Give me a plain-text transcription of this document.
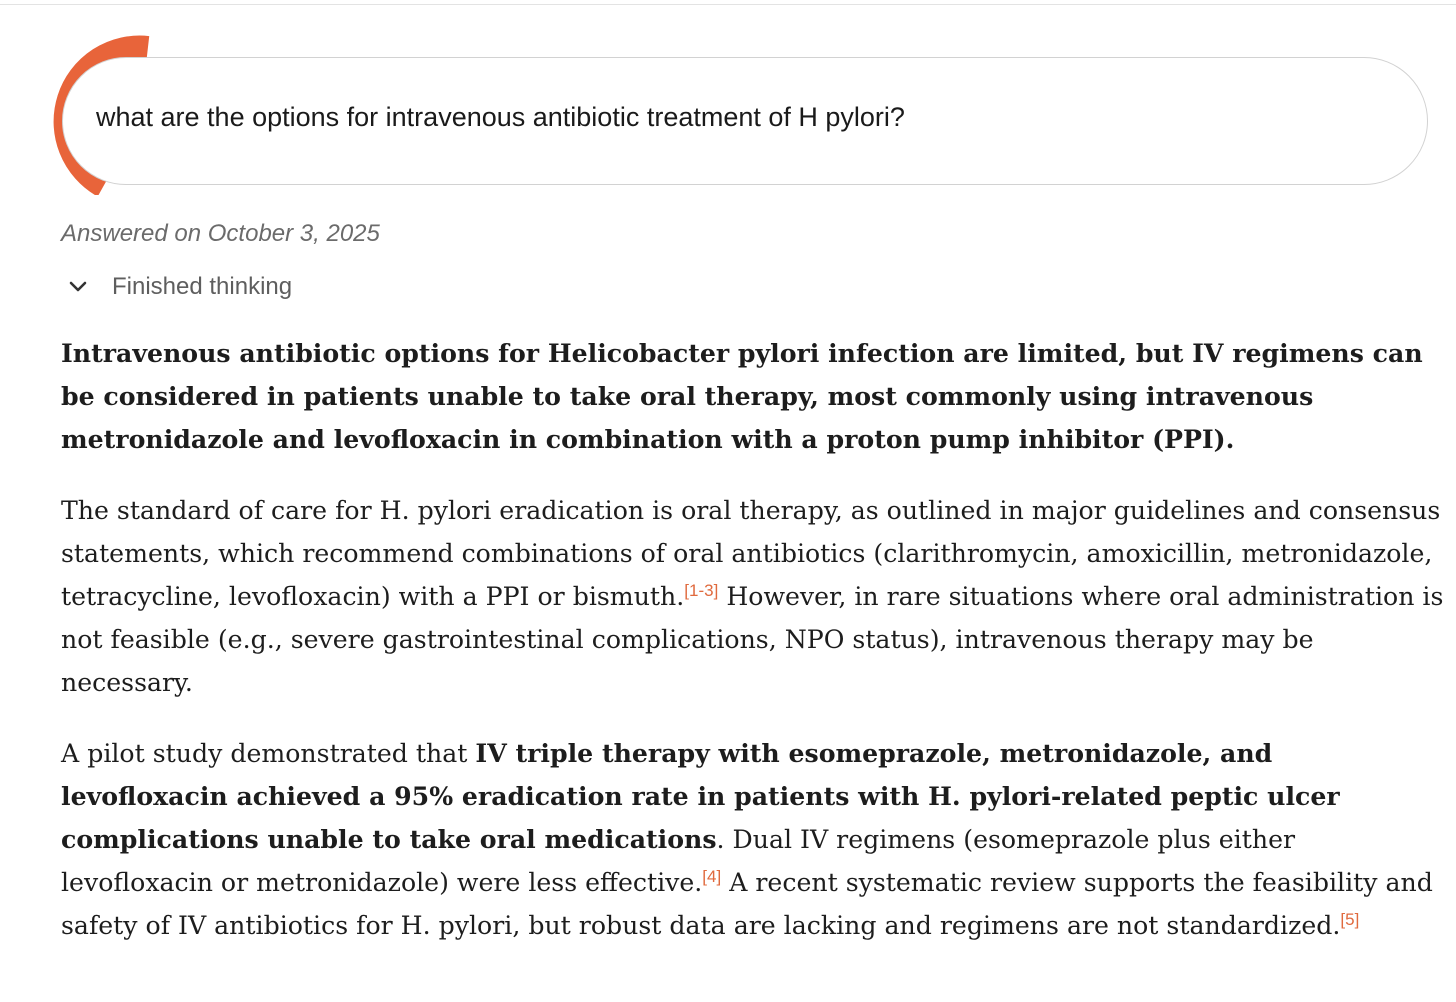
what are the options for intravenous antibiotic treatment of H pylori?
Answered on October 3, 2025
Finished thinking

Intravenous antibiotic options for Helicobacter pylori infection are limited, but IV regimens can be considered in patients unable to take oral therapy, most commonly using intravenous metronidazole and levofloxacin in combination with a proton pump inhibitor (PPI).

The standard of care for H. pylori eradication is oral therapy, as outlined in major guidelines and consensus statements, which recommend combinations of oral antibiotics (clarithromycin, amoxicillin, metronidazole, tetracycline, levofloxacin) with a PPI or bismuth.[1-3] However, in rare situations where oral administration is not feasible (e.g., severe gastrointestinal complications, NPO status), intravenous therapy may be necessary.

A pilot study demonstrated that IV triple therapy with esomeprazole, metronidazole, and levofloxacin achieved a 95% eradication rate in patients with H. pylori-related peptic ulcer complications unable to take oral medications. Dual IV regimens (esomeprazole plus either levofloxacin or metronidazole) were less effective.[4] A recent systematic review supports the feasibility and safety of IV antibiotics for H. pylori, but robust data are lacking and regimens are not standardized.[5]
